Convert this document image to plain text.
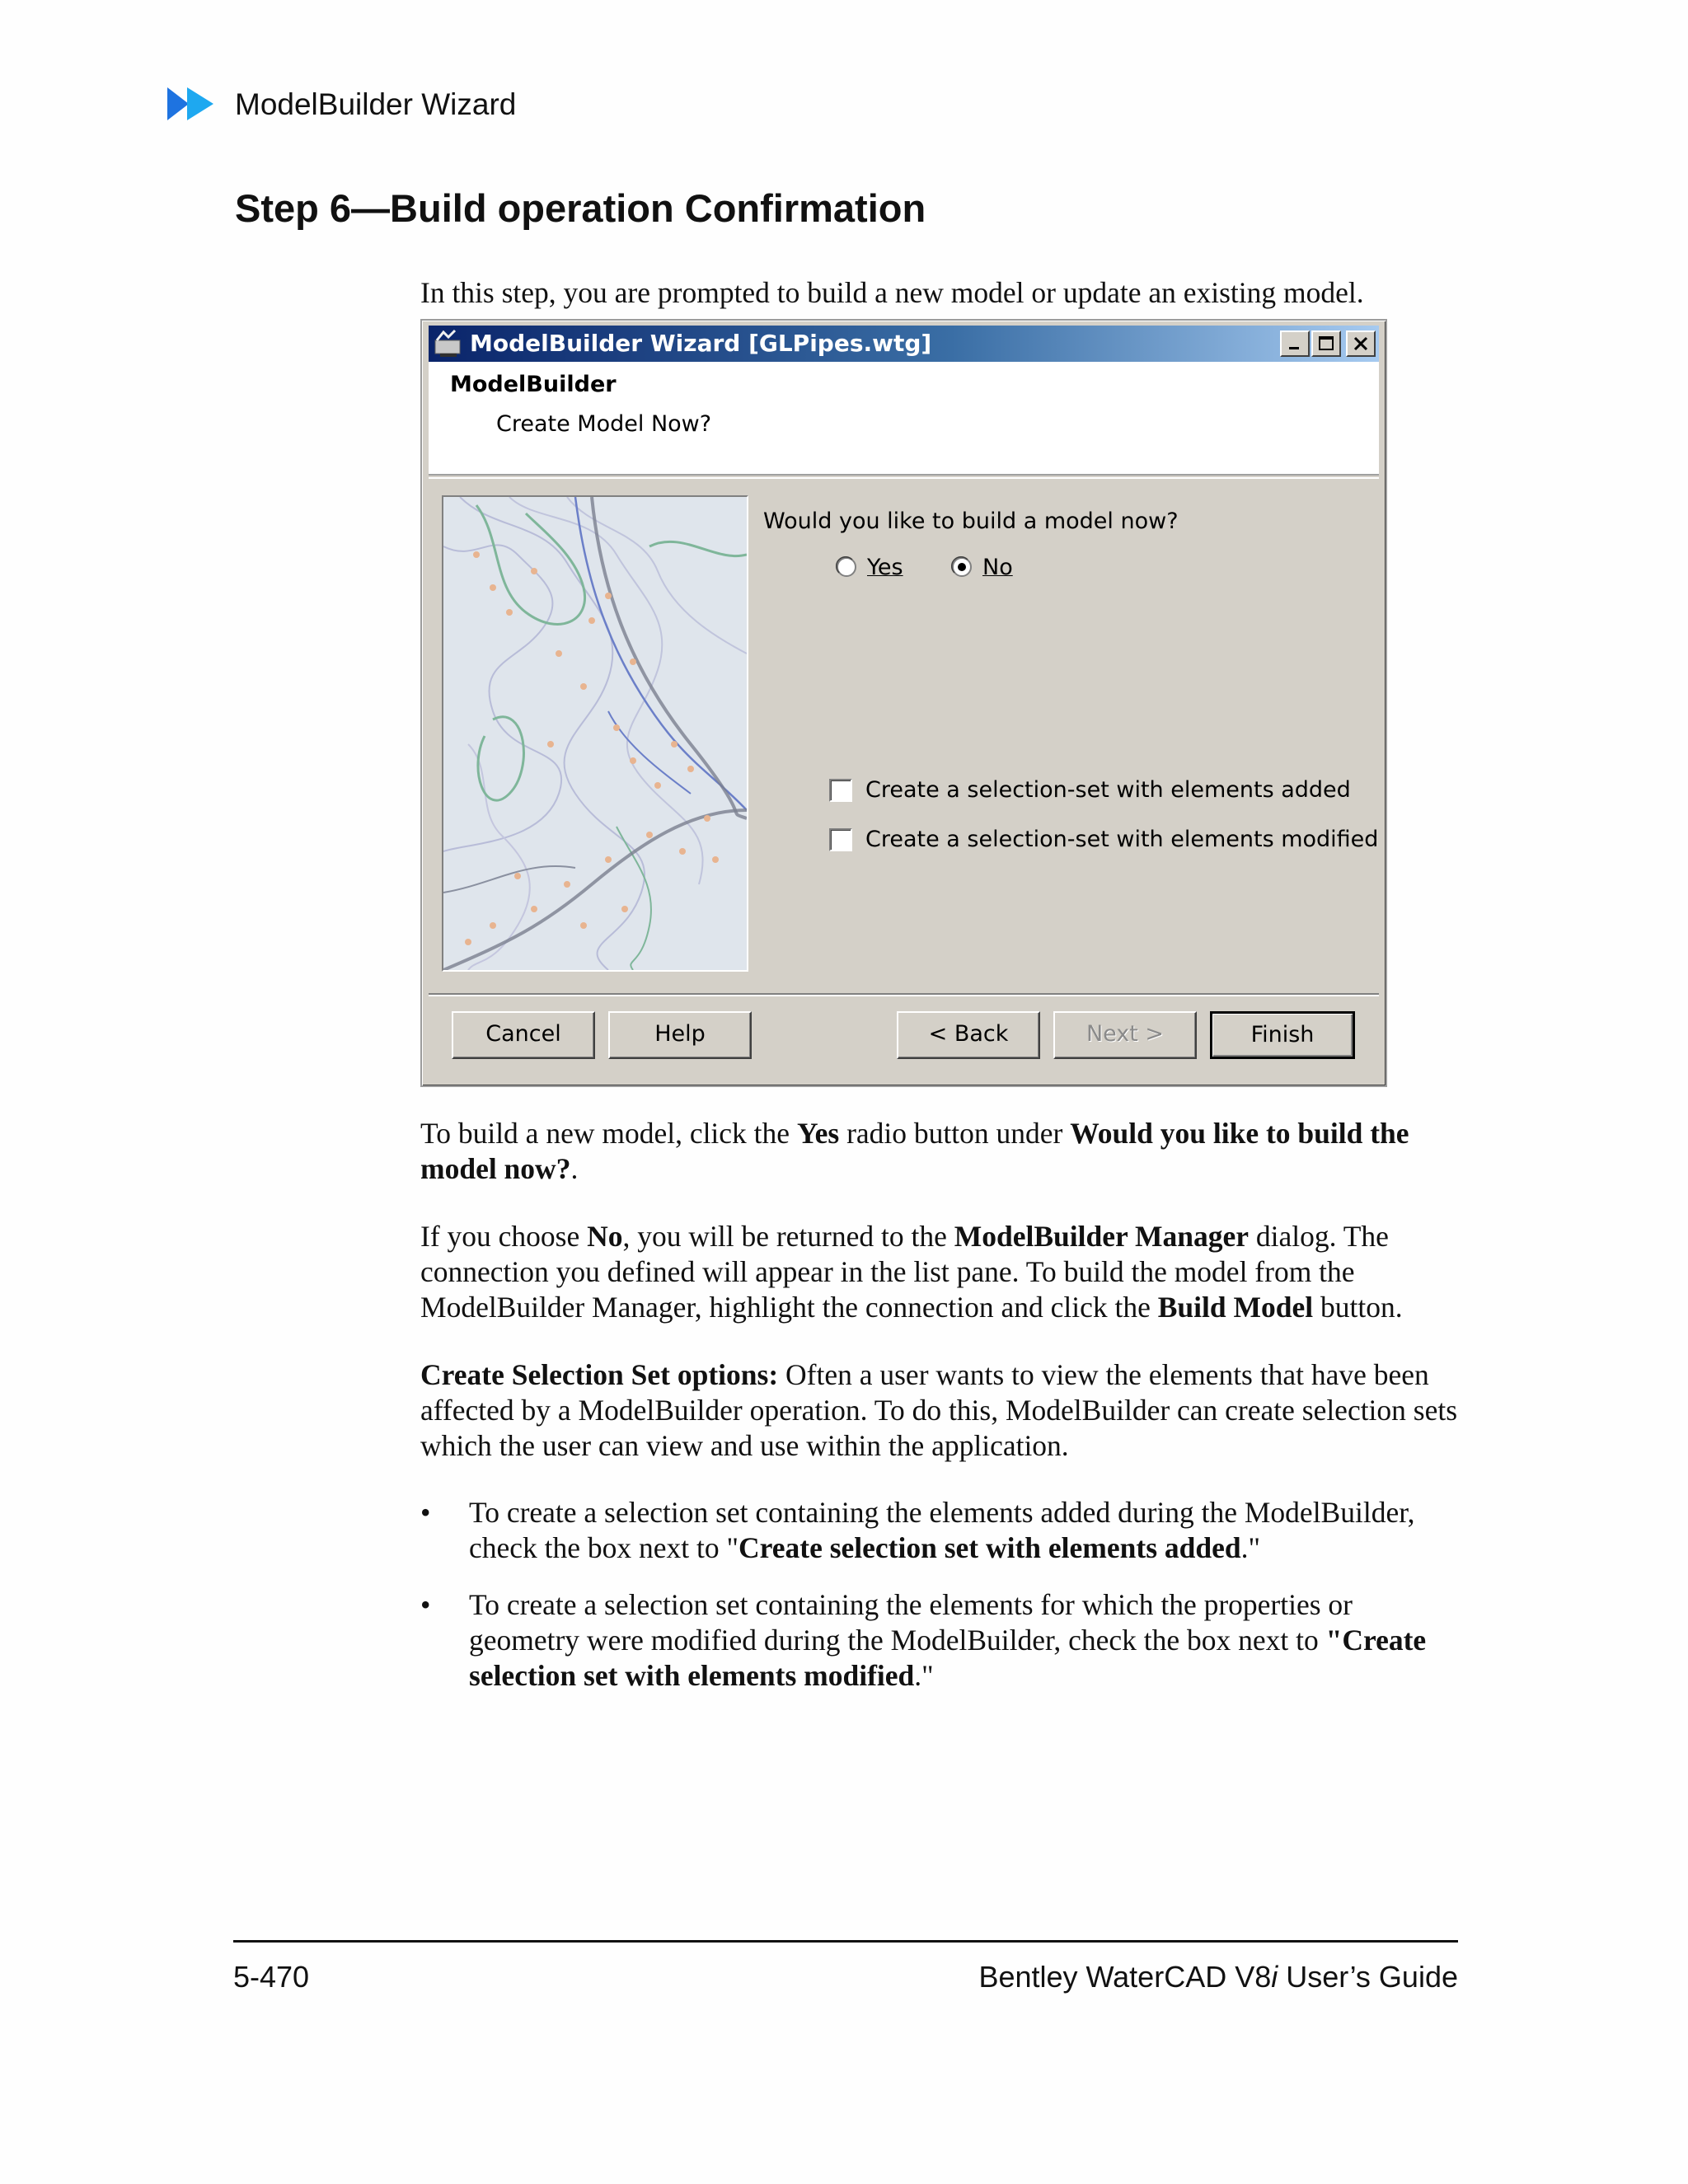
ModelBuilder Wizard
Step 6—Build operation Confirmation
In this step, you are prompted to build a new model or update an existing model.
ModelBuilder Wizard [GLPipes.wtg]
ModelBuilder
Create Model Now?
Would you like to build a model now?
Yes	No
Create a selection-set with elements added
Create a selection-set with elements modified
Cancel	Help	< Back	Next >	Finish
To build a new model, click the Yes radio button under Would you like to build the model now?.
If you choose No, you will be returned to the ModelBuilder Manager dialog. The connection you defined will appear in the list pane. To build the model from the ModelBuilder Manager, highlight the connection and click the Build Model button.
Create Selection Set options: Often a user wants to view the elements that have been affected by a ModelBuilder operation. To do this, ModelBuilder can create selection sets which the user can view and use within the application.
• To create a selection set containing the elements added during the ModelBuilder, check the box next to "Create selection set with elements added."
• To create a selection set containing the elements for which the properties or geometry were modified during the ModelBuilder, check the box next to "Create selection set with elements modified."
5-470	Bentley WaterCAD V8i User’s Guide
